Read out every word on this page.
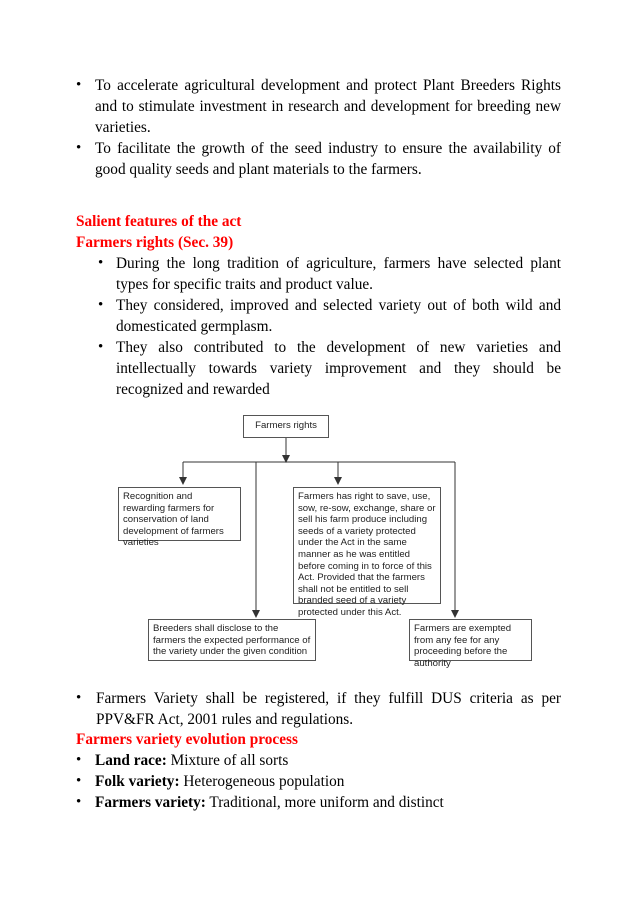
• To accelerate agricultural development and protect Plant Breeders Rights and to stimulate investment in research and development for breeding new varieties.
• To facilitate the growth of the seed industry to ensure the availability of good quality seeds and plant materials to the farmers.
Salient features of the act
Farmers rights (Sec. 39)
• During the long tradition of agriculture, farmers have selected plant types for specific traits and product value.
• They considered, improved and selected variety out of both wild and domesticated germplasm.
• They also contributed to the development of new varieties and intellectually towards variety improvement and they should be recognized and rewarded
Farmers rights
Recognition and rewarding farmers for conservation of land development of farmers varieties
Farmers has right to save, use, sow, re-sow, exchange, share or sell his farm produce including seeds of a variety protected under the Act in the same manner as he was entitled before coming in to force of this Act. Provided that the farmers shall not be entitled to sell branded seed of a variety protected under this Act.
Breeders shall disclose to the farmers the expected performance of the variety under the given condition
Farmers are exempted from any fee for any proceeding before the authority
• Farmers Variety shall be registered, if they fulfill DUS criteria as per PPV&FR Act, 2001 rules and regulations.
Farmers variety evolution process
• Land race: Mixture of all sorts
• Folk variety: Heterogeneous population
• Farmers variety: Traditional, more uniform and distinct
